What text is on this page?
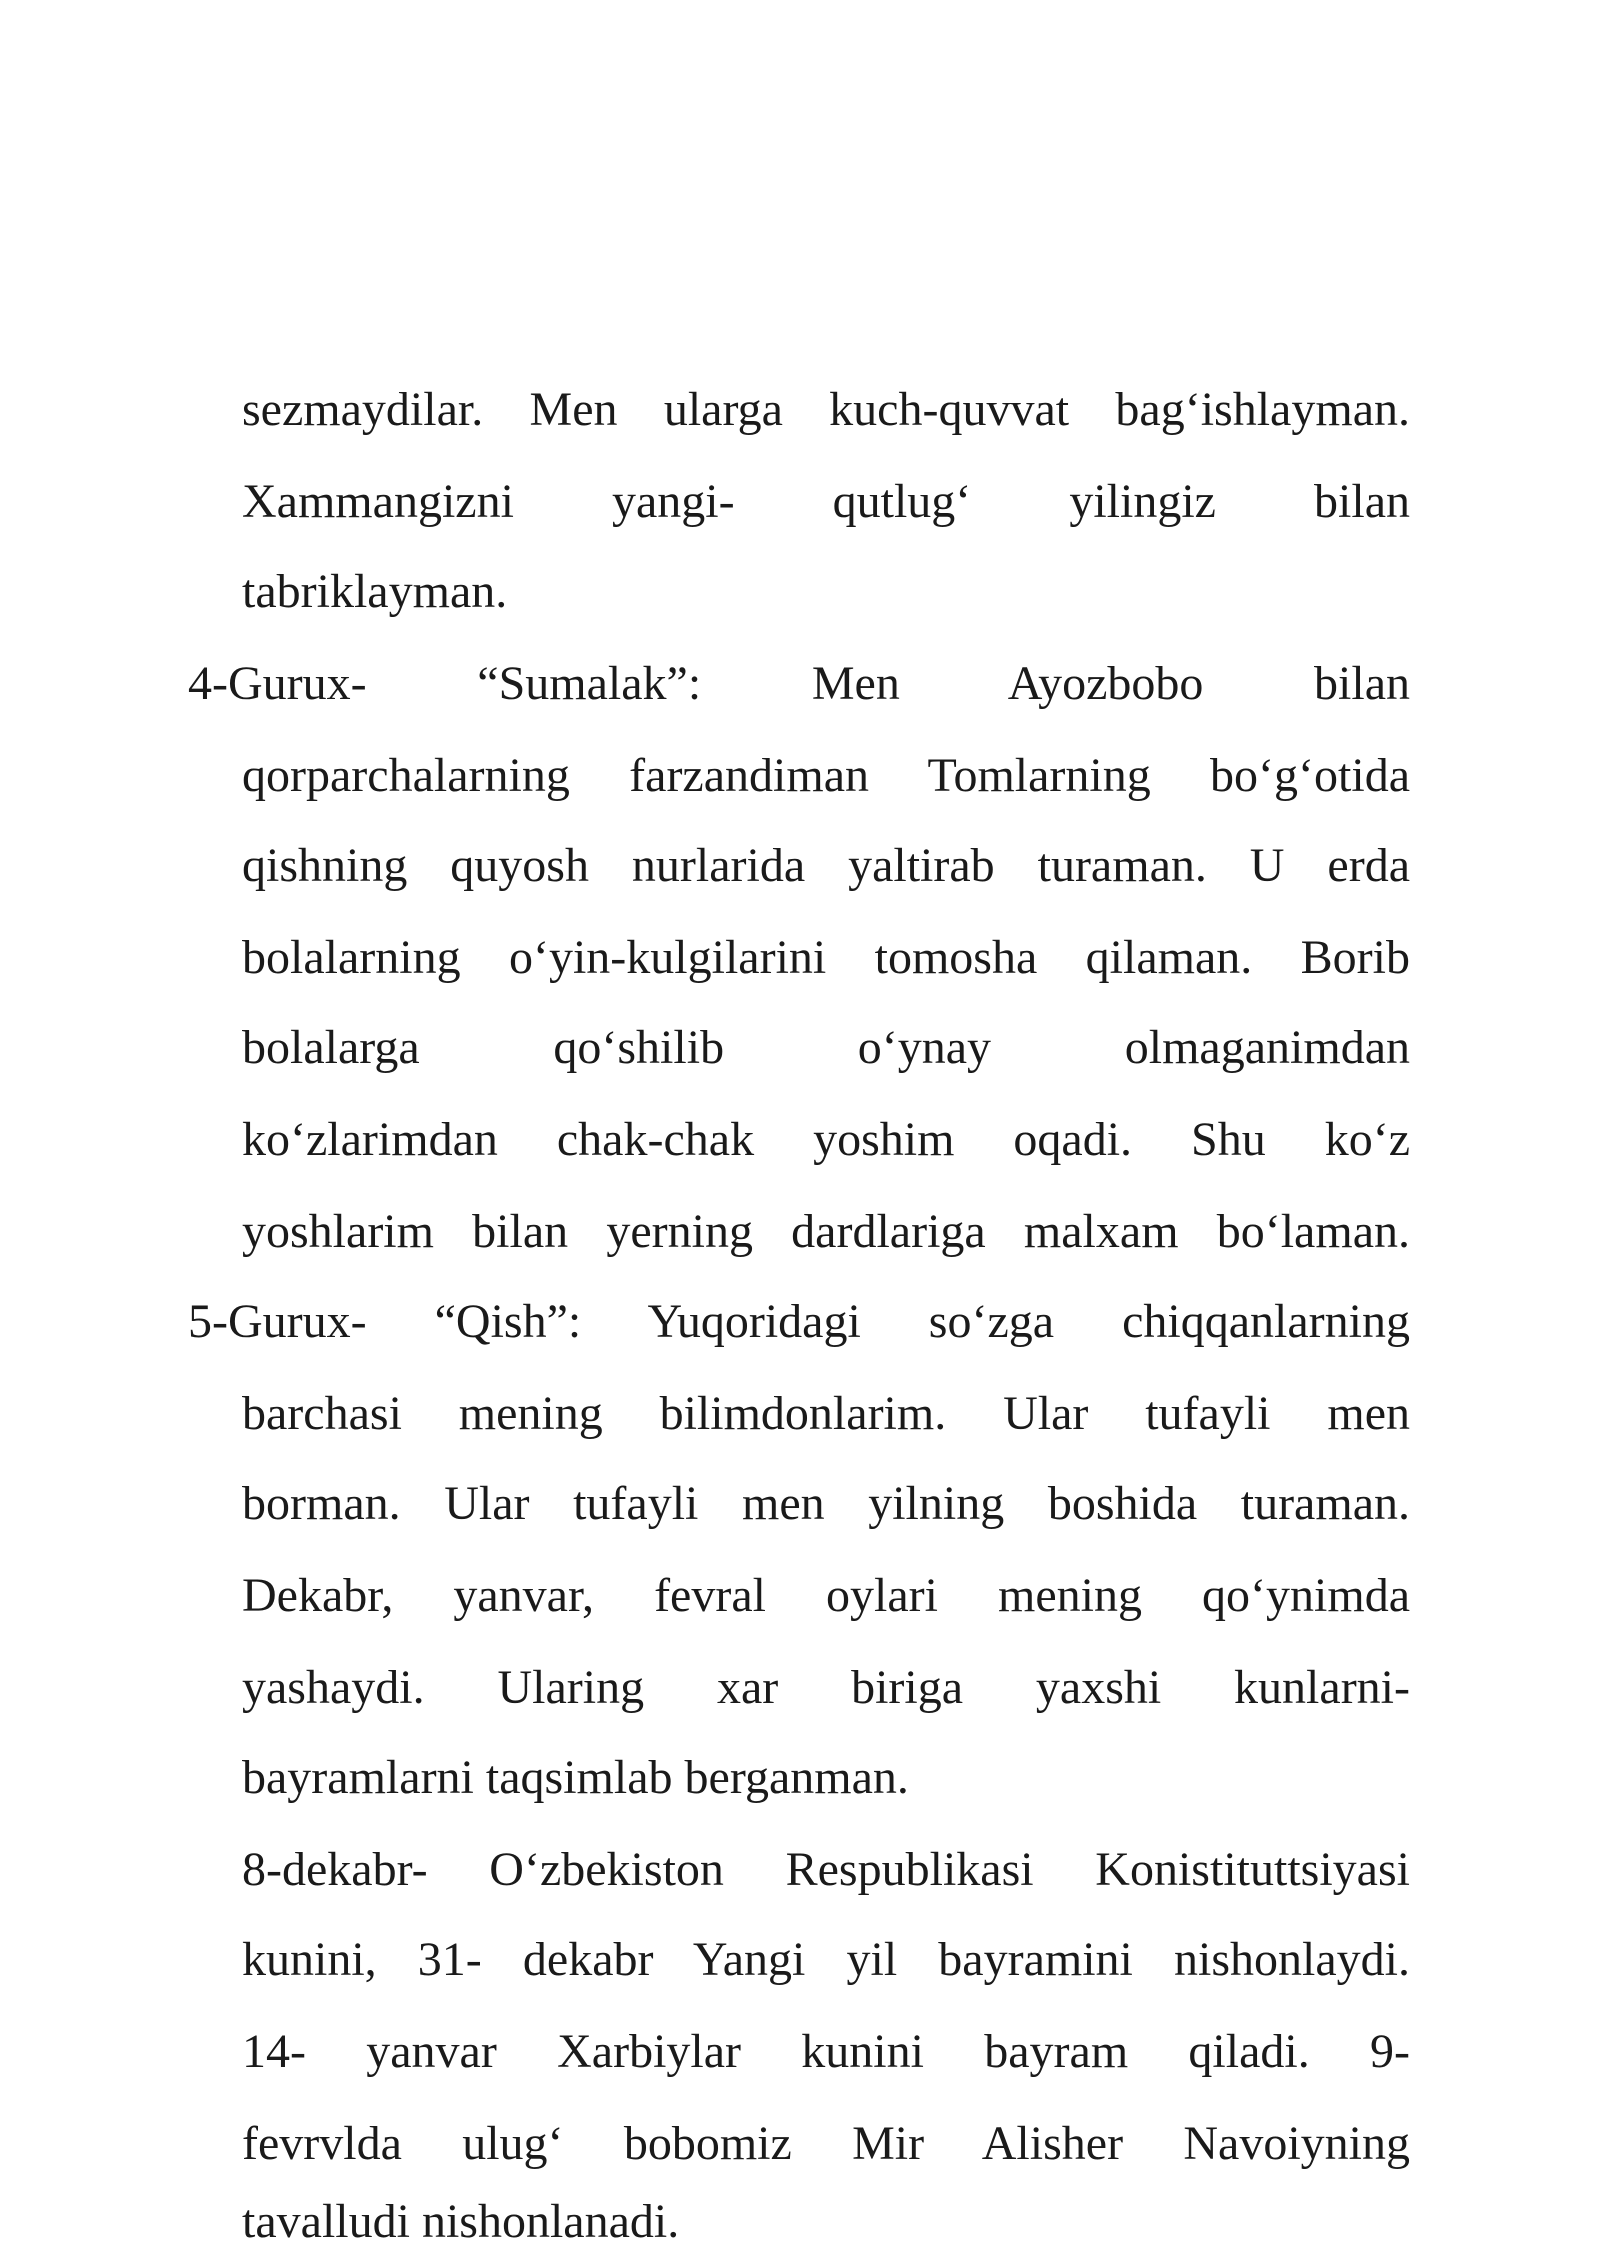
sezmaydilar. Men ularga kuch-quvvat bag‘ishlayman.
Xammangizni yangi- qutlug‘ yilingiz bilan
tabriklayman.
4-Gurux- “Sumalak”: Men Ayozbobo bilan
qorparchalarning farzandiman Tomlarning bo‘g‘otida
qishning quyosh nurlarida yaltirab turaman. U erda
bolalarning o‘yin-kulgilarini tomosha qilaman. Borib
bolalarga qo‘shilib o‘ynay olmaganimdan
ko‘zlarimdan chak-chak yoshim oqadi. Shu ko‘z
yoshlarim bilan yerning dardlariga malxam bo‘laman.
5-Gurux- “Qish”: Yuqoridagi so‘zga chiqqanlarning
barchasi mening bilimdonlarim. Ular tufayli men
borman. Ular tufayli men yilning boshida turaman.
Dekabr, yanvar, fevral oylari mening qo‘ynimda
yashaydi. Ularing xar biriga yaxshi kunlarni-
bayramlarni taqsimlab berganman.
8-dekabr- O‘zbekiston Respublikasi Konistituttsiyasi
kunini, 31- dekabr Yangi yil bayramini nishonlaydi.
14- yanvar Xarbiylar kunini bayram qiladi. 9-
fevrvlda ulug‘ bobomiz Mir Alisher Navoiyning
tavalludi nishonlanadi.
